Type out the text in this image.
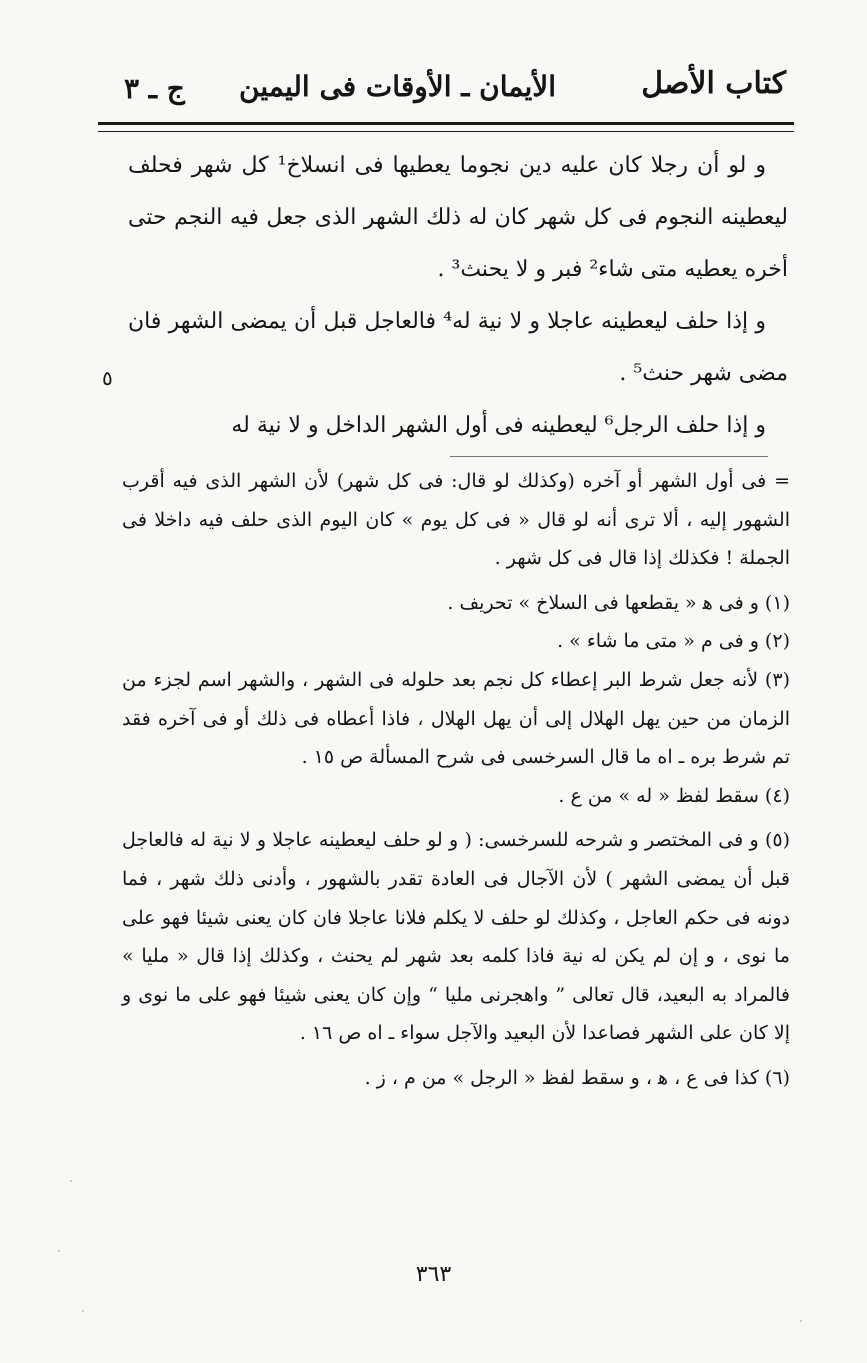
كتاب الأصل
الأيمان ـ الأوقات فى اليمين
ج ـ ٣

و لو أن رجلا كان عليه دين نجوما يعطيها فى انسلاخ¹ كل شهر فحلف ليعطينه النجوم فى كل شهر كان له ذلك الشهر الذى جعل فيه النجم حتى أخره يعطيه متى شاء² فبر و لا يحنث³ .

و إذا حلف ليعطينه عاجلا و لا نية له⁴ فالعاجل قبل أن يمضى الشهر فان مضى شهر حنث⁵ .

و إذا حلف الرجل⁶ ليعطينه فى أول الشهر الداخل و لا نية له

٥

= فى أول الشهر أو آخره (وكذلك لو قال: فى كل شهر) لأن الشهر الذى فيه أقرب الشهور إليه ، ألا ترى أنه لو قال « فى كل يوم » كان اليوم الذى حلف فيه داخلا فى الجملة ! فكذلك إذا قال فى كل شهر .

(١) و فى ﻫ « يقطعها فى السلاخ » تحريف .

(٢) و فى م « متى ما شاء » .

(٣) لأنه جعل شرط البر إعطاء كل نجم بعد حلوله فى الشهر ، والشهر اسم لجزء من الزمان من حين يهل الهلال إلى أن يهل الهلال ، فاذا أعطاه فى ذلك أو فى آخره فقد تم شرط بره ـ اه ما قال السرخسى فى شرح المسألة ص ١٥ .

(٤) سقط لفظ « له » من ع .

(٥) و فى المختصر و شرحه للسرخسى: ( و لو حلف ليعطينه عاجلا و لا نية له فالعاجل قبل أن يمضى الشهر ) لأن الآجال فى العادة تقدر بالشهور ، وأدنى ذلك شهر ، فما دونه فى حكم العاجل ، وكذلك لو حلف لا يكلم فلانا عاجلا فان كان يعنى شيئا فهو على ما نوى ، و إن لم يكن له نية فاذا كلمه بعد شهر لم يحنث ، وكذلك إذا قال « مليا » فالمراد به البعيد، قال تعالى ” واهجرنى مليا “ وإن كان يعنى شيئا فهو على ما نوى و إلا كان على الشهر فصاعدا لأن البعيد والآجل سواء ـ اه ص ١٦ .

(٦) كذا فى ع ، ﻫ ، و سقط لفظ « الرجل » من م ، ز .

٣٦٣
